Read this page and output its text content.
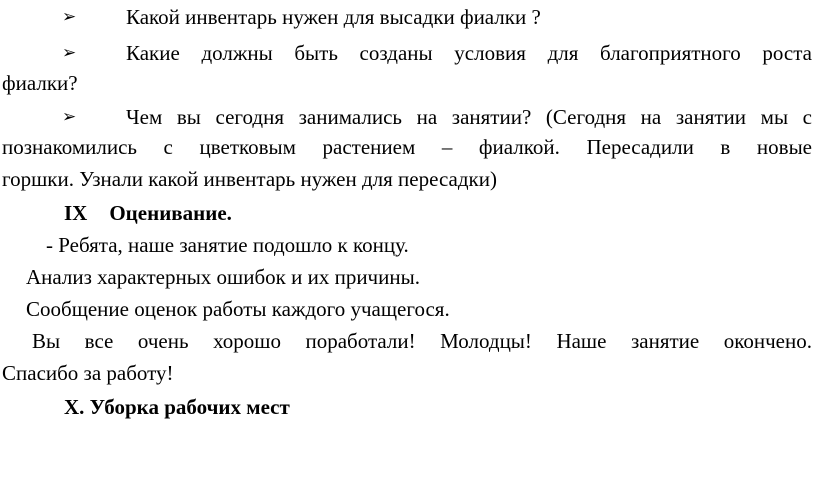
➢ Какой инвентарь нужен для высадки фиалки ?
➢ Какие должны быть созданы условия для благоприятного роста
фиалки?
➢ Чем вы сегодня занимались на занятии? (Сегодня на занятии мы с
познакомились с цветковым растением – фиалкой. Пересадили в новые
горшки. Узнали какой инвентарь нужен для пересадки)
IX Оценивание.
- Ребята, наше занятие подошло к концу.
Анализ характерных ошибок и их причины.
Сообщение оценок работы каждого учащегося.
Вы все очень хорошо поработали! Молодцы! Наше занятие окончено.
Спасибо за работу!
X. Уборка рабочих мест
